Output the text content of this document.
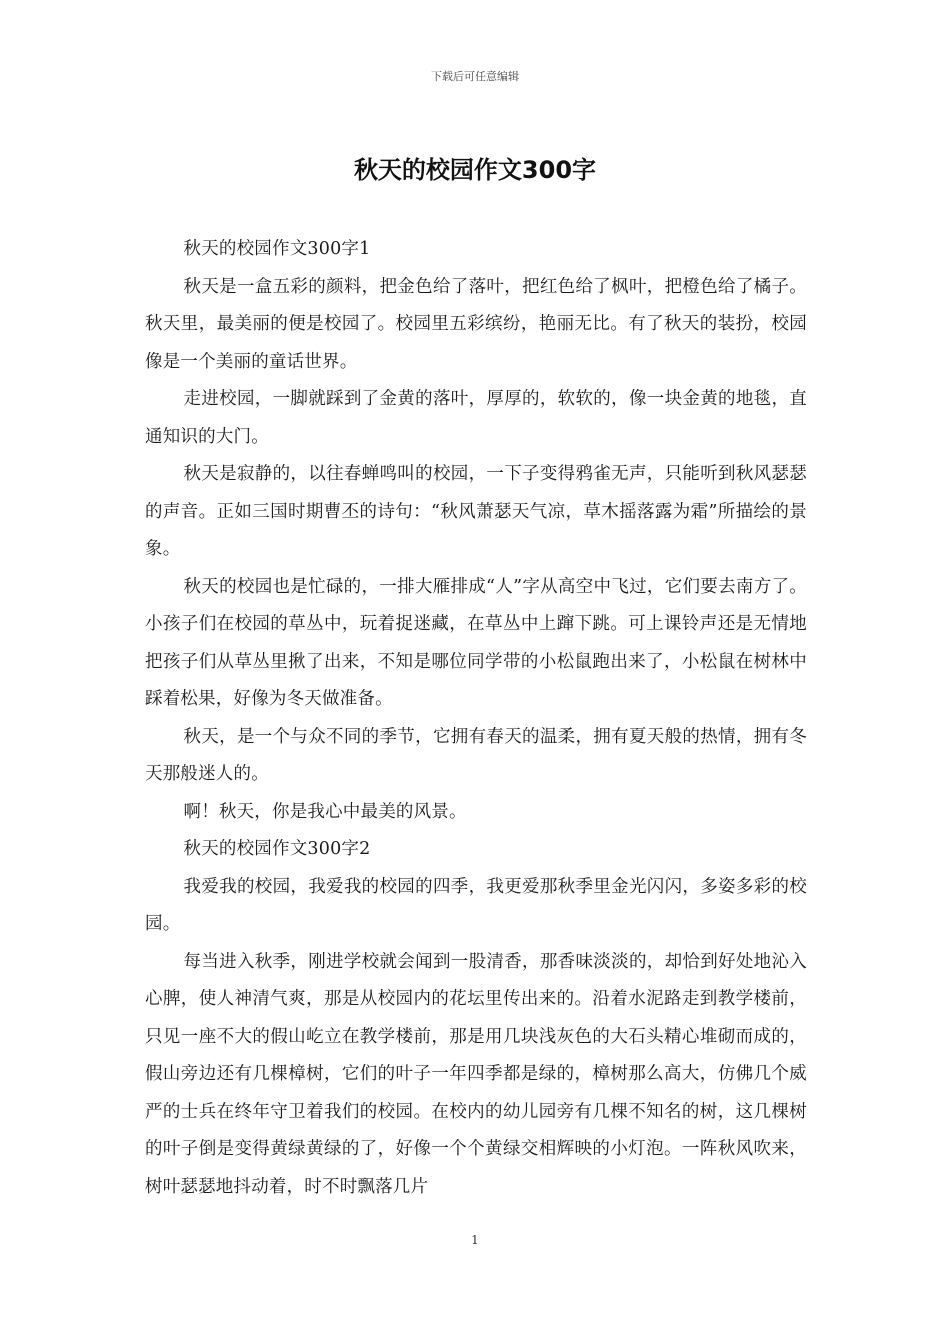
下载后可任意编辑
秋天的校园作文300字

秋天的校园作文300字1

秋天是一盒五彩的颜料，把金色给了落叶，把红色给了枫叶，把橙色给了橘子。秋天里，最美丽的便是校园了。校园里五彩缤纷，艳丽无比。有了秋天的装扮，校园像是一个美丽的童话世界。

走进校园，一脚就踩到了金黄的落叶，厚厚的，软软的，像一块金黄的地毯，直通知识的大门。

秋天是寂静的，以往春蝉鸣叫的校园，一下子变得鸦雀无声，只能听到秋风瑟瑟的声音。正如三国时期曹丕的诗句：“秋风萧瑟天气凉，草木摇落露为霜”所描绘的景象。

秋天的校园也是忙碌的，一排大雁排成“人”字从高空中飞过，它们要去南方了。小孩子们在校园的草丛中，玩着捉迷藏，在草丛中上蹿下跳。可上课铃声还是无情地把孩子们从草丛里揪了出来，不知是哪位同学带的小松鼠跑出来了，小松鼠在树林中踩着松果，好像为冬天做准备。

秋天，是一个与众不同的季节，它拥有春天的温柔，拥有夏天般的热情，拥有冬天那般迷人的。

啊！秋天，你是我心中最美的风景。

秋天的校园作文300字2

我爱我的校园，我爱我的校园的四季，我更爱那秋季里金光闪闪，多姿多彩的校园。

每当进入秋季，刚进学校就会闻到一股清香，那香味淡淡的，却恰到好处地沁入心脾，使人神清气爽，那是从校园内的花坛里传出来的。沿着水泥路走到教学楼前，只见一座不大的假山屹立在教学楼前，那是用几块浅灰色的大石头精心堆砌而成的，假山旁边还有几棵樟树，它们的叶子一年四季都是绿的，樟树那么高大，仿佛几个威严的士兵在终年守卫着我们的校园。在校内的幼儿园旁有几棵不知名的树，这几棵树的叶子倒是变得黄绿黄绿的了，好像一个个黄绿交相辉映的小灯泡。一阵秋风吹来，树叶瑟瑟地抖动着，时不时飘落几片

1
